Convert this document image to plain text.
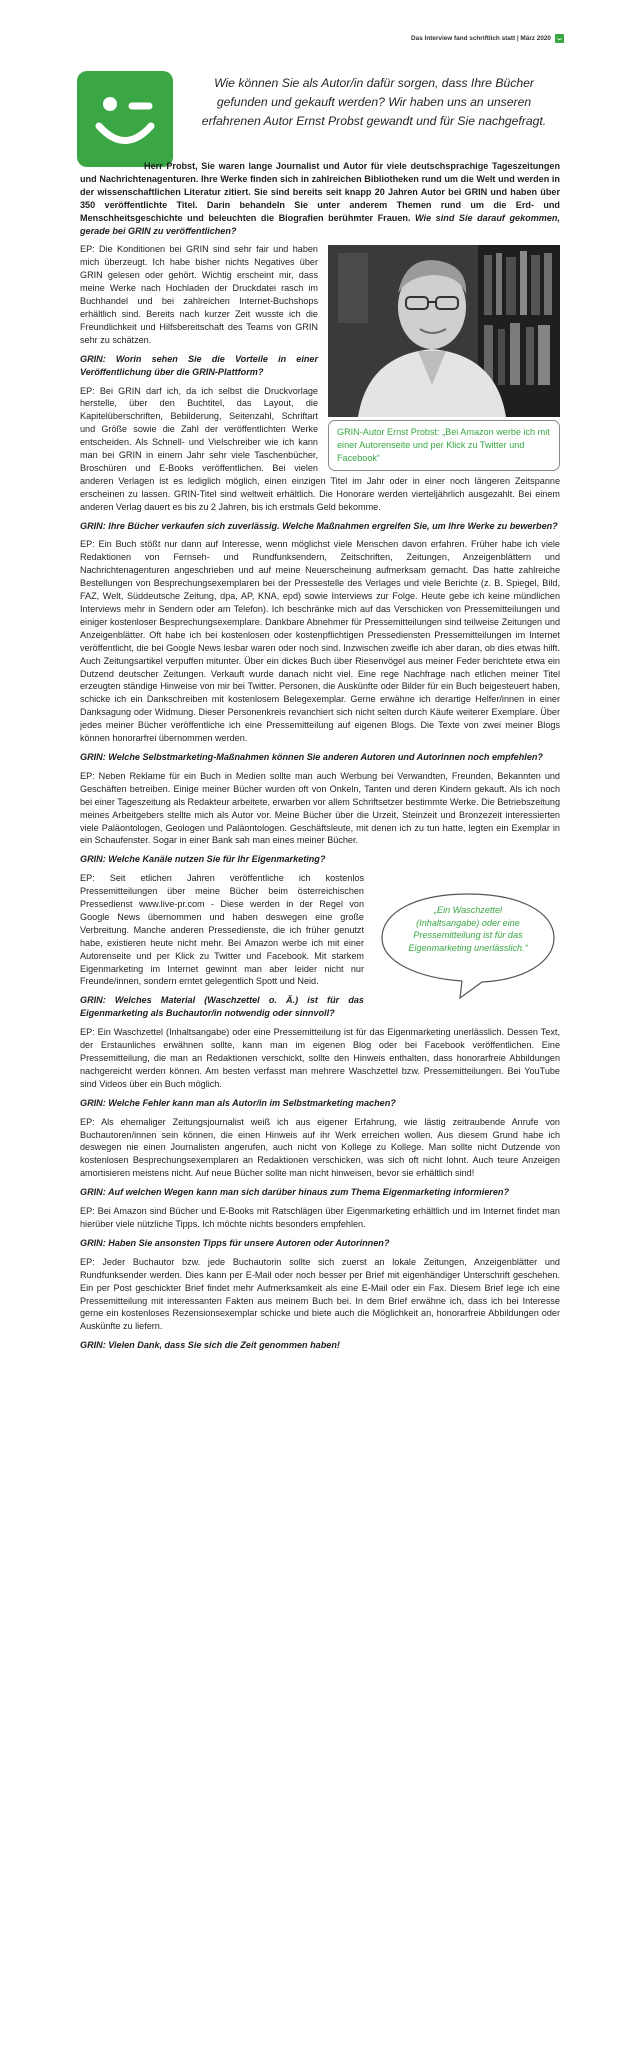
Das Interview fand schriftlich statt | März 2020
Wie können Sie als Autor/in dafür sorgen, dass Ihre Bücher gefunden und gekauft werden? Wir haben uns an unseren erfahrenen Autor Ernst Probst gewandt und für Sie nachgefragt.

Herr Probst, Sie waren lange Journalist und Autor für viele deutschsprachige Tageszeitungen und Nachrichtenagenturen. Ihre Werke finden sich in zahlreichen Bibliotheken rund um die Welt und werden in der wissenschaftlichen Literatur zitiert. Sie sind bereits seit knapp 20 Jahren Autor bei GRIN und haben über 350 veröffentlichte Titel. Darin behandeln Sie unter anderem Themen rund um die Erd- und Menschheitsgeschichte und beleuchten die Biografien berühmter Frauen. Wie sind Sie darauf gekommen, gerade bei GRIN zu veröffentlichen?

GRIN-Autor Ernst Probst: „Bei Amazon werbe ich mit einer Autorenseite und per Klick zu Twitter und Facebook“

EP: Die Konditionen bei GRIN sind sehr fair und haben mich überzeugt. Ich habe bisher nichts Negatives über GRIN gelesen oder gehört. Wichtig erscheint mir, dass meine Werke nach Hochladen der Druckdatei rasch im Buchhandel und bei zahlreichen Internet-Buchshops erhältlich sind. Bereits nach kurzer Zeit wusste ich die Freundlichkeit und Hilfsbereitschaft des Teams von GRIN sehr zu schätzen.

GRIN: Worin sehen Sie die Vorteile in einer Veröffentlichung über die GRIN-Plattform?

EP: Bei GRIN darf ich, da ich selbst die Druckvorlage herstelle, über den Buchtitel, das Layout, die Kapitelüberschriften, Bebilderung, Seitenzahl, Schriftart und Größe sowie die Zahl der veröffentlichten Werke entscheiden. Als Schnell- und Vielschreiber wie ich kann man bei GRIN in einem Jahr sehr viele Taschenbücher, Broschüren und E-Books veröffentlichen. Bei vielen anderen Verlagen ist es lediglich möglich, einen einzigen Titel im Jahr oder in einer noch längeren Zeitspanne erscheinen zu lassen. GRIN-Titel sind weltweit erhältlich. Die Honorare werden vierteljährlich ausgezahlt. Bei einem anderen Verlag dauert es bis zu 2 Jahren, bis ich erstmals Geld bekomme.

GRIN: Ihre Bücher verkaufen sich zuverlässig. Welche Maßnahmen ergreifen Sie, um Ihre Werke zu bewerben?

EP: Ein Buch stößt nur dann auf Interesse, wenn möglichst viele Menschen davon erfahren. Früher habe ich viele Redaktionen von Fernseh- und Rundfunksendern, Zeitschriften, Zeitungen, Anzeigenblättern und Nachrichtenagenturen angeschrieben und auf meine Neuerscheinung aufmerksam gemacht. Das hatte zahlreiche Bestellungen von Besprechungsexemplaren bei der Pressestelle des Verlages und viele Berichte (z. B. Spiegel, Bild, FAZ, Welt, Süddeutsche Zeitung, dpa, AP, KNA, epd) sowie Interviews zur Folge. Heute gebe ich keine mündlichen Interviews mehr in Sendern oder am Telefon). Ich beschränke mich auf das Verschicken von Pressemitteilungen und einiger kostenloser Besprechungsexemplare. Dankbare Abnehmer für Pressemitteilungen sind teilweise Zeitungen und Anzeigenblätter. Oft habe ich bei kostenlosen oder kostenpflichtigen Pressediensten Pressemitteilungen im Internet veröffentlicht, die bei Google News lesbar waren oder noch sind. Inzwischen zweifle ich aber daran, ob dies etwas hilft. Auch Zeitungsartikel verpuffen mitunter. Über ein dickes Buch über Riesenvögel aus meiner Feder berichtete etwa ein Dutzend deutscher Zeitungen. Verkauft wurde danach nicht viel. Eine rege Nachfrage nach etlichen meiner Titel erzeugten ständige Hinweise von mir bei Twitter. Personen, die Auskünfte oder Bilder für ein Buch beigesteuert haben, schicke ich ein Dankschreiben mit kostenlosem Belegexemplar. Gerne erwähne ich derartige Helfer/innen in einer Danksagung oder Widmung. Dieser Personenkreis revanchiert sich nicht selten durch Käufe weiterer Exemplare. Über jedes meiner Bücher veröffentliche ich eine Pressemitteilung auf eigenen Blogs. Die Texte von zwei meiner Blogs können honorarfrei übernommen werden.

GRIN: Welche Selbstmarketing-Maßnahmen können Sie anderen Autoren und Autorinnen noch empfehlen?

EP: Neben Reklame für ein Buch in Medien sollte man auch Werbung bei Verwandten, Freunden, Bekannten und Geschäften betreiben. Einige meiner Bücher wurden oft von Onkeln, Tanten und deren Kindern gekauft. Als ich noch bei einer Tageszeitung als Redakteur arbeitete, erwarben vor allem Schriftsetzer bestimmte Werke. Die Betriebszeitung meines Arbeitgebers stellte mich als Autor vor. Meine Bücher über die Urzeit, Steinzeit und Bronzezeit interessierten viele Paläontologen, Geologen und Paläontologen. Geschäftsleute, mit denen ich zu tun hatte, legten ein Exemplar in ein Schaufenster. Sogar in einer Bank sah man eines meiner Bücher.

GRIN: Welche Kanäle nutzen Sie für Ihr Eigenmarketing?

„Ein Waschzettel (Inhaltsangabe) oder eine Pressemitteilung ist für das Eigenmarketing unerlässlich.“

EP: Seit etlichen Jahren veröffentliche ich kostenlos Pressemitteilungen über meine Bücher beim österreichischen Pressedienst www.live-pr.com - Diese werden in der Regel von Google News übernommen und haben deswegen eine große Verbreitung. Manche anderen Pressedienste, die ich früher genutzt habe, existieren heute nicht mehr. Bei Amazon werbe ich mit einer Autorenseite und per Klick zu Twitter und Facebook. Mit starkem Eigenmarketing im Internet gewinnt man aber leider nicht nur Freunde/innen, sondern erntet gelegentlich Spott und Neid.

GRIN: Welches Material (Waschzettel o. Ä.) ist für das Eigenmarketing als Buchautor/in notwendig oder sinnvoll?

EP: Ein Waschzettel (Inhaltsangabe) oder eine Pressemitteilung ist für das Eigenmarketing unerlässlich. Dessen Text, der Erstaunliches erwähnen sollte, kann man im eigenen Blog oder bei Facebook veröffentlichen. Eine Pressemitteilung, die man an Redaktionen verschickt, sollte den Hinweis enthalten, dass honorarfreie Abbildungen nachgereicht werden können. Am besten verfasst man mehrere Waschzettel bzw. Pressemitteilungen. Bei YouTube sind Videos über ein Buch möglich.

GRIN: Welche Fehler kann man als Autor/in im Selbstmarketing machen?

EP: Als ehemaliger Zeitungsjournalist weiß ich aus eigener Erfahrung, wie lästig zeitraubende Anrufe von Buchautoren/innen sein können, die einen Hinweis auf ihr Werk erreichen wollen. Aus diesem Grund habe ich deswegen nie einen Journalisten angerufen, auch nicht von Kollege zu Kollege. Man sollte nicht Dutzende von kostenlosen Besprechungsexemplaren an Redaktionen verschicken, was sich oft nicht lohnt. Auch teure Anzeigen amortisieren meistens nicht. Auf neue Bücher sollte man nicht hinweisen, bevor sie erhältlich sind!

GRIN: Auf welchen Wegen kann man sich darüber hinaus zum Thema Eigenmarketing informieren?

EP: Bei Amazon sind Bücher und E-Books mit Ratschlägen über Eigenmarketing erhältlich und im Internet findet man hierüber viele nützliche Tipps. Ich möchte nichts besonders empfehlen.

GRIN: Haben Sie ansonsten Tipps für unsere Autoren oder Autorinnen?

EP: Jeder Buchautor bzw. jede Buchautorin sollte sich zuerst an lokale Zeitungen, Anzeigenblätter und Rundfunksender werden. Dies kann per E-Mail oder noch besser per Brief mit eigenhändiger Unterschrift geschehen. Ein per Post geschickter Brief findet mehr Aufmerksamkeit als eine E-Mail oder ein Fax. Diesem Brief lege ich eine Pressemitteilung mit interessanten Fakten aus meinem Buch bei. In dem Brief erwähne ich, dass ich bei Interesse gerne ein kostenloses Rezensionsexemplar schicke und biete auch die Möglichkeit an, honorarfreie Abbildungen oder Auskünfte zu liefern.

GRIN: Vielen Dank, dass Sie sich die Zeit genommen haben!
